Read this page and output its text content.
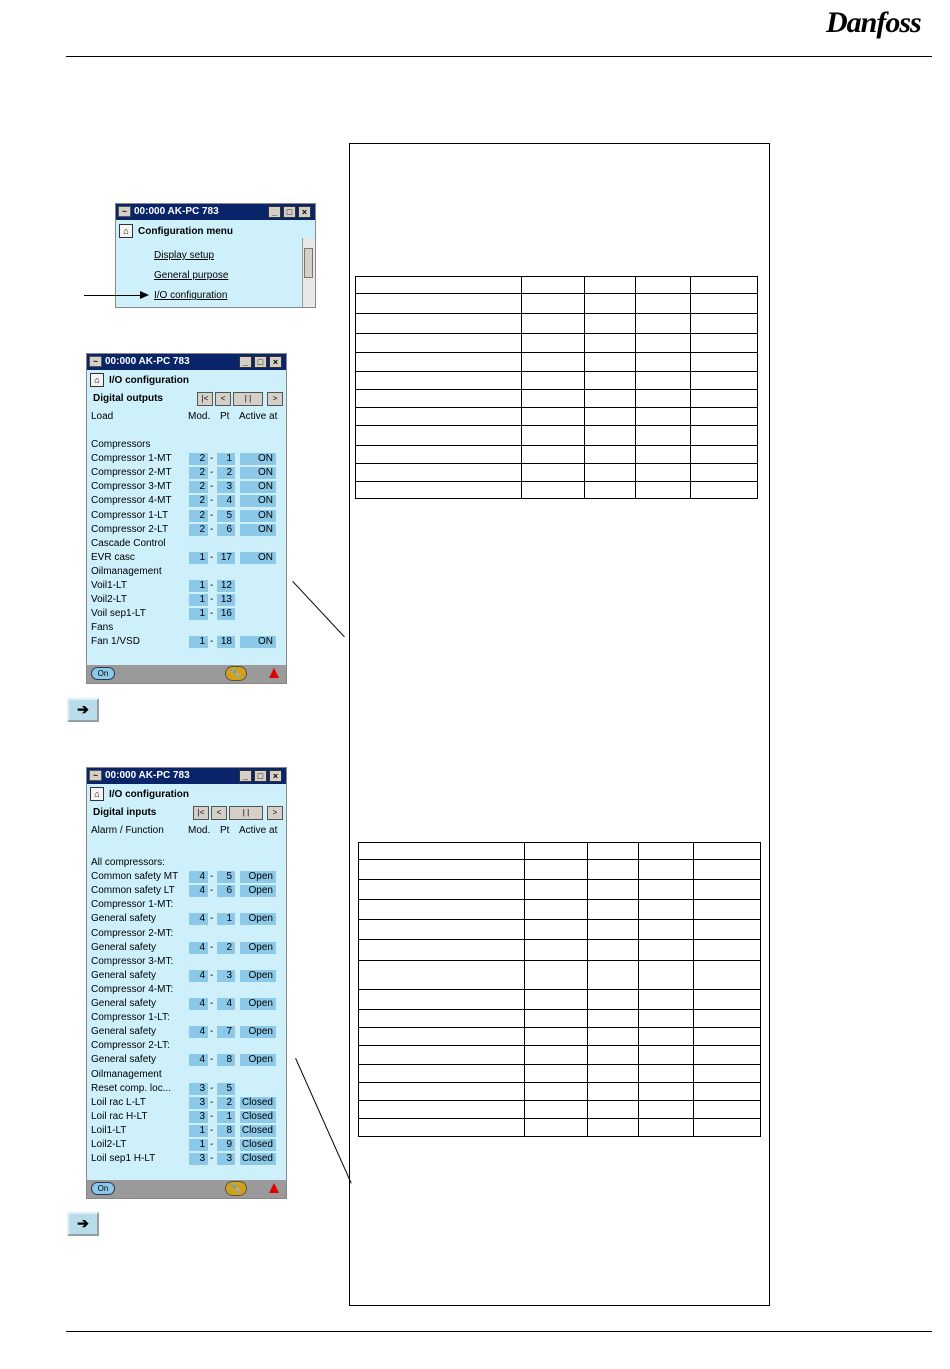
Danfoss
~ 00:000 AK-PC 783	_	□	×
⌂ Configuration menu
Display setup
General purpose
I/O configuration
~ 00:000 AK-PC 783	_	□	×
⌂ I/O configuration
Digital outputs	|<	<	| |	>
Load	Mod. Pt Active at
Compressors
Compressor 1-MT	2 -	1	ON
Compressor 2-MT	2 -	2	ON
Compressor 3-MT	2 -	3	ON
Compressor 4-MT	2 -	4	ON
Compressor 1-LT	2 -	5	ON
Compressor 2-LT	2 -	6	ON
Cascade Control
EVR casc	1 - 17	ON
Oilmanagement
Voil1-LT	1 - 12
Voil2-LT	1 - 13
Voil sep1-LT	1 - 16
Fans
Fan 1/VSD	1 - 18	ON
On	🔧
➔
~ 00:000 AK-PC 783	_	□	×
⌂ I/O configuration
Digital inputs	|<	<	| |	>
Alarm / Function Mod. Pt Active at
All compressors:
Common safety MT	4 -	5	Open
Common safety LT	4 -	6	Open
Compressor 1-MT:
General safety	4 -	1	Open
Compressor 2-MT:
General safety	4 -	2	Open
Compressor 3-MT:
General safety	4 -	3	Open
Compressor 4-MT:
General safety	4 -	4	Open
Compressor 1-LT:
General safety	4 -	7	Open
Compressor 2-LT:
General safety	4 -	8	Open
Oilmanagement
Reset comp. loc...	3 -	5
Loil rac L-LT	3 -	2 Closed
Loil rac H-LT	3 -	1 Closed
Loil1-LT	1 -	8 Closed
Loil2-LT	1 -	9 Closed
Loil sep1 H-LT	3 -	3 Closed
On	🔧
➔
